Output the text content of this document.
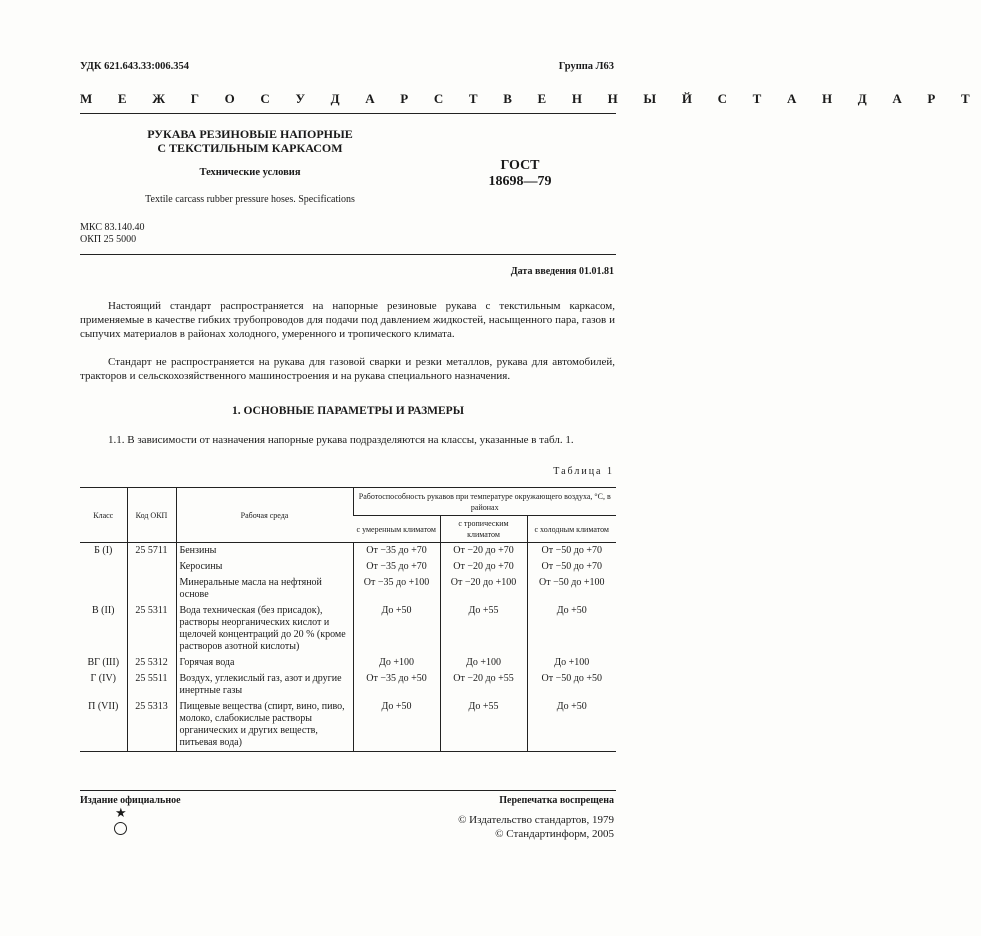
УДК 621.643.33:006.354	Группа Л63
М Е Ж Г О С У Д А Р С Т В Е Н Н Ы Й С Т А Н Д А Р Т
РУКАВА РЕЗИНОВЫЕ НАПОРНЫЕ
С ТЕКСТИЛЬНЫМ КАРКАСОМ
Технические условия
Textile carcass rubber pressure hoses. Specifications
ГОСТ
18698—79
МКС 83.140.40
ОКП 25 5000
Дата введения 01.01.81
Настоящий стандарт распространяется на напорные резиновые рукава с текстильным каркасом, применяемые в качестве гибких трубопроводов для подачи под давлением жидкостей, насыщенного пара, газов и сыпучих материалов в районах холодного, умеренного и тропического климата.
Стандарт не распространяется на рукава для газовой сварки и резки металлов, рукава для автомобилей, тракторов и сельскохозяйственного машиностроения и на рукава специального назначения.
1. ОСНОВНЫЕ ПАРАМЕТРЫ И РАЗМЕРЫ
1.1. В зависимости от назначения напорные рукава подразделяются на классы, указанные в табл. 1.
Таблица 1
Класс	Код ОКП	Рабочая среда	Работоспособность рукавов при температуре окружающего воздуха, °С, в районах		
			с умеренным климатом	с тропическим климатом	с холодным климатом
Б (I)	25 5711	Бензины	От −35 до +70	От −20 до +70	От −50 до +70
		Керосины	От −35 до +70	От −20 до +70	От −50 до +70
		Минеральные масла на нефтяной основе	От −35 до +100	От −20 до +100	От −50 до +100
В (II)	25 5311	Вода техническая (без присадок), растворы неорганических кислот и щелочей концентраций до 20 % (кроме растворов азотной кислоты)	До +50	До +55	До +50
ВГ (III)	25 5312	Горячая вода	До +100	До +100	До +100
Г (IV)	25 5511	Воздух, углекислый газ, азот и другие инертные газы	От −35 до +50	От −20 до +55	От −50 до +50
П (VII)	25 5313	Пищевые вещества (спирт, вино, пиво, молоко, слабокислые растворы органических и других веществ, питьевая вода)	До +50	До +55	До +50
Издание официальное	Перепечатка воспрещена
★	© Издательство стандартов, 1979
© Стандартинформ, 2005
